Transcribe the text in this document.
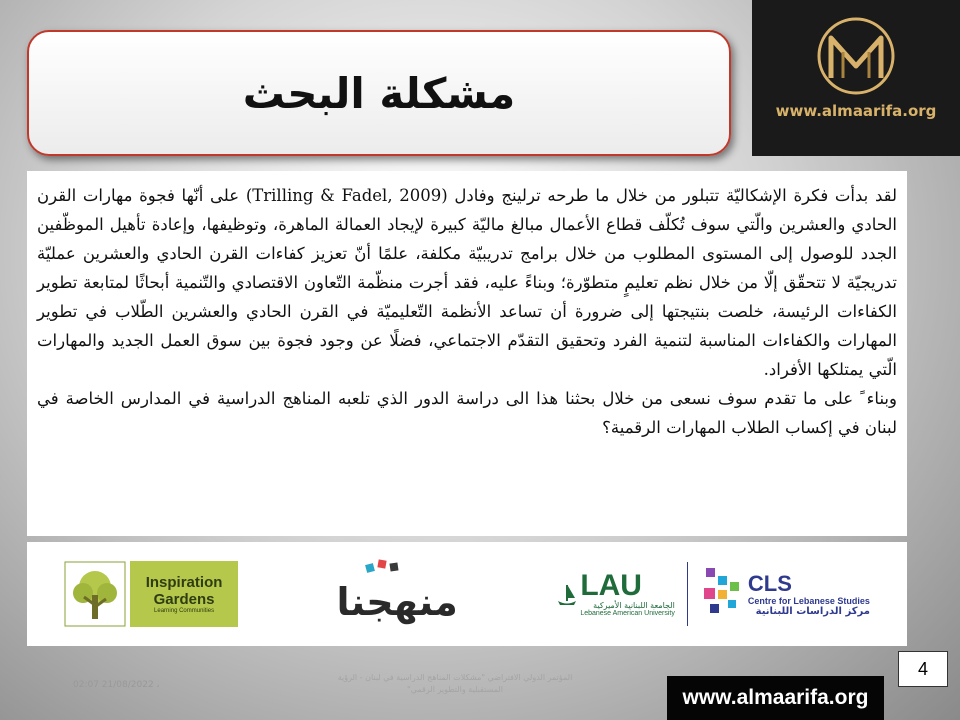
مشكلة البحث	www.almaarifa.org

لقد بدأت فكرة الإشكاليّة تتبلور من خلال ما طرحه ترلينج وفادل (Trilling & Fadel, 2009) على أنّها فجوة مهارات القرن الحادي والعشرين والّتي سوف تُكلّف قطاع الأعمال مبالغ ماليّة كبيرة لإيجاد العمالة الماهرة، وتوظيفها، وإعادة تأهيل الموظّفين الجدد للوصول إلى المستوى المطلوب من خلال برامج تدريبيّة مكلفة، علمًا أنّ تعزيز كفاءات القرن الحادي والعشرين عمليّة تدريجيّة لا تتحقّق إلّا من خلال نظم تعليمٍ متطوّرة؛ وبناءً عليه، فقد أجرت منظّمة التّعاون الاقتصادي والتّنمية أبحاثًا لمتابعة تطوير الكفاءات الرئيسة، خلصت بنتيجتها إلى ضرورة أن تساعد الأنظمة التّعليميّة في القرن الحادي والعشرين الطّلاب في تطوير المهارات والكفاءات المناسبة لتنمية الفرد وتحقيق التقدّم الاجتماعي، فضلًا عن وجود فجوة بين سوق العمل الجديد والمهارات الّتي يمتلكها الأفراد.

وبناء ً على ما تقدم سوف نسعى من خلال بحثنا هذا الى دراسة الدور الذي تلعبه المناهج الدراسية في المدارس الخاصة في لبنان في إكساب الطلاب المهارات الرقمية؟

Inspiration
Gardens
Learning Communities	منهجنا	LAU
الجامعة اللبنانية الأميركية
Lebanese American University
CLS
Centre for Lebanese Studies
مركز الدراسات اللبنانية
02:07 21/08/2022 ،
المؤتمر الدولي الافتراضي "مشكلات المناهج الدراسية في لبنان - الرؤية
المستقبلية والتطوير الرقمي"
4
www.almaarifa.org
